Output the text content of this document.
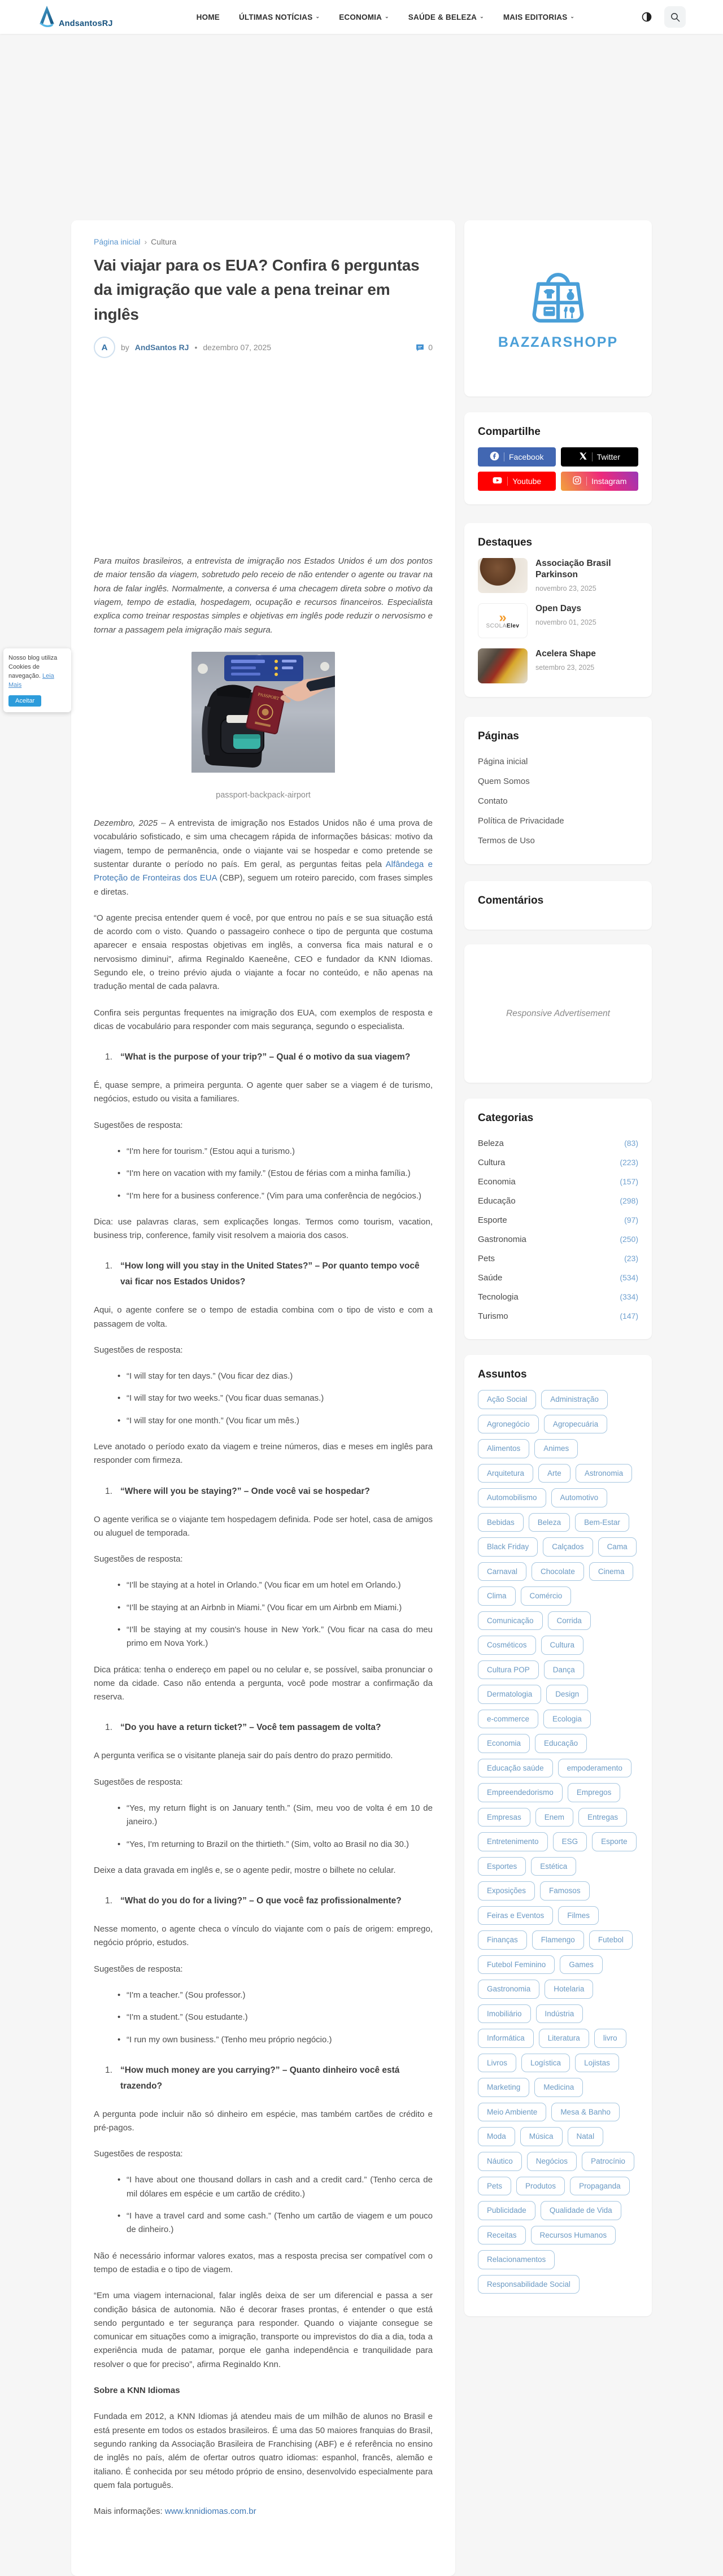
AndsantosRJ
HOME	ÚLTIMAS NOTÍCIAS ⌄	ECONOMIA ⌄	SAÚDE & BELEZA ⌄	MAIS EDITORIAS ⌄
Página inicial › Cultura
Vai viajar para os EUA? Confira 6 perguntas da imigração que vale a pena treinar em inglês
A	by AndSantos RJ • dezembro 07, 2025	0

Para muitos brasileiros, a entrevista de imigração nos Estados Unidos é um dos pontos de maior tensão da viagem, sobretudo pelo receio de não entender o agente ou travar na hora de falar inglês. Normalmente, a conversa é uma checagem direta sobre o motivo da viagem, tempo de estadia, hospedagem, ocupação e recursos financeiros. Especialista explica como treinar respostas simples e objetivas em inglês pode reduzir o nervosismo e tornar a passagem pela imigração mais segura.

PASSPORT
passport-backpack-airport

Dezembro, 2025 – A entrevista de imigração nos Estados Unidos não é uma prova de vocabulário sofisticado, e sim uma checagem rápida de informações básicas: motivo da viagem, tempo de permanência, onde o viajante vai se hospedar e como pretende se sustentar durante o período no país. Em geral, as perguntas feitas pela Alfândega e Proteção de Fronteiras dos EUA (CBP), seguem um roteiro parecido, com frases simples e diretas.

“O agente precisa entender quem é você, por que entrou no país e se sua situação está de acordo com o visto. Quando o passageiro conhece o tipo de pergunta que costuma aparecer e ensaia respostas objetivas em inglês, a conversa fica mais natural e o nervosismo diminui”, afirma Reginaldo Kaeneêne, CEO e fundador da KNN Idiomas. Segundo ele, o treino prévio ajuda o viajante a focar no conteúdo, e não apenas na tradução mental de cada palavra.

Confira seis perguntas frequentes na imigração dos EUA, com exemplos de resposta e dicas de vocabulário para responder com mais segurança, segundo o especialista.

1. “What is the purpose of your trip?” – Qual é o motivo da sua viagem?

É, quase sempre, a primeira pergunta. O agente quer saber se a viagem é de turismo, negócios, estudo ou visita a familiares.

Sugestões de resposta:

• “I'm here for tourism.” (Estou aqui a turismo.)
• “I'm here on vacation with my family.” (Estou de férias com a minha família.)
• “I'm here for a business conference.” (Vim para uma conferência de negócios.)

Dica: use palavras claras, sem explicações longas. Termos como tourism, vacation, business trip, conference, family visit resolvem a maioria dos casos.

1. “How long will you stay in the United States?” – Por quanto tempo você vai ficar nos Estados Unidos?

Aqui, o agente confere se o tempo de estadia combina com o tipo de visto e com a passagem de volta.

Sugestões de resposta:

• “I will stay for ten days.” (Vou ficar dez dias.)
• “I will stay for two weeks.” (Vou ficar duas semanas.)
• “I will stay for one month.” (Vou ficar um mês.)

Leve anotado o período exato da viagem e treine números, dias e meses em inglês para responder com firmeza.

1. “Where will you be staying?” – Onde você vai se hospedar?

O agente verifica se o viajante tem hospedagem definida. Pode ser hotel, casa de amigos ou aluguel de temporada.

Sugestões de resposta:

• “I'll be staying at a hotel in Orlando.” (Vou ficar em um hotel em Orlando.)
• “I'll be staying at an Airbnb in Miami.” (Vou ficar em um Airbnb em Miami.)
• “I'll be staying at my cousin's house in New York.” (Vou ficar na casa do meu primo em Nova York.)

Dica prática: tenha o endereço em papel ou no celular e, se possível, saiba pronunciar o nome da cidade. Caso não entenda a pergunta, você pode mostrar a confirmação da reserva.

1. “Do you have a return ticket?” – Você tem passagem de volta?

A pergunta verifica se o visitante planeja sair do país dentro do prazo permitido.

Sugestões de resposta:

• “Yes, my return flight is on January tenth.” (Sim, meu voo de volta é em 10 de janeiro.)
• “Yes, I'm returning to Brazil on the thirtieth.” (Sim, volto ao Brasil no dia 30.)

Deixe a data gravada em inglês e, se o agente pedir, mostre o bilhete no celular.

1. “What do you do for a living?” – O que você faz profissionalmente?

Nesse momento, o agente checa o vínculo do viajante com o país de origem: emprego, negócio próprio, estudos.

Sugestões de resposta:

• “I'm a teacher.” (Sou professor.)
• “I'm a student.” (Sou estudante.)
• “I run my own business.” (Tenho meu próprio negócio.)
1. “How much money are you carrying?” – Quanto dinheiro você está trazendo?

A pergunta pode incluir não só dinheiro em espécie, mas também cartões de crédito e pré-pagos.

Sugestões de resposta:

• “I have about one thousand dollars in cash and a credit card.” (Tenho cerca de mil dólares em espécie e um cartão de crédito.)
• “I have a travel card and some cash.” (Tenho um cartão de viagem e um pouco de dinheiro.)

Não é necessário informar valores exatos, mas a resposta precisa ser compatível com o tempo de estadia e o tipo de viagem.

“Em uma viagem internacional, falar inglês deixa de ser um diferencial e passa a ser condição básica de autonomia. Não é decorar frases prontas, é entender o que está sendo perguntado e ter segurança para responder. Quando o viajante consegue se comunicar em situações como a imigração, transporte ou imprevistos do dia a dia, toda a experiência muda de patamar, porque ele ganha independência e tranquilidade para resolver o que for preciso”, afirma Reginaldo Knn.

Sobre a KNN Idiomas

Fundada em 2012, a KNN Idiomas já atendeu mais de um milhão de alunos no Brasil e está presente em todos os estados brasileiros. É uma das 50 maiores franquias do Brasil, segundo ranking da Associação Brasileira de Franchising (ABF) e é referência no ensino de inglês no país, além de ofertar outros quatro idiomas: espanhol, francês, alemão e italiano. É conhecida por seu método próprio de ensino, desenvolvido especialmente para quem fala português.

Mais informações: www.knnidiomas.com.br

BAZZARSHOPP
Compartilhe
Facebook	Twitter
Youtube	Instagram
Destaques
Associação Brasil Parkinson
novembro 23, 2025
»
SCOLAElev
Open Days
novembro 01, 2025
Acelera Shape
setembro 23, 2025
Páginas
Página inicial
Quem Somos
Contato
Política de Privacidade
Termos de Uso
Comentários
Responsive Advertisement
Categorias
Beleza	(83)
Cultura	(223)
Economia	(157)
Educação	(298)
Esporte	(97)
Gastronomia	(250)
Pets	(23)
Saúde	(534)
Tecnologia	(334)
Turismo	(147)
Assuntos
Ação Social	Administração
Agronegócio	Agropecuária
Alimentos	Animes
Arquitetura	Arte	Astronomia
Automobilismo	Automotivo
Bebidas	Beleza	Bem-Estar
Black Friday	Calçados	Cama
Carnaval	Chocolate	Cinema
Clima	Comércio
Comunicação	Corrida
Cosméticos	Cultura
Cultura POP	Dança
Dermatologia	Design
e-commerce	Ecologia
Economia	Educação
Educação saúde	empoderamento
Empreendedorismo	Empregos
Empresas	Enem	Entregas
Entretenimento	ESG	Esporte
Esportes	Estética
Exposições	Famosos
Feiras e Eventos	Filmes
Finanças	Flamengo	Futebol
Futebol Feminino	Games
Gastronomia	Hotelaria
Imobiliário	Indústria
Informática	Literatura	livro
Livros	Logística	Lojistas
Marketing	Medicina
Meio Ambiente	Mesa & Banho
Moda	Música	Natal
Náutico	Negócios	Patrocínio
Pets	Produtos	Propaganda
Publicidade	Qualidade de Vida
Receitas	Recursos Humanos
Relacionamentos
Responsabilidade Social
Nosso blog utiliza Cookies de navegação. Leia Mais
Aceitar
